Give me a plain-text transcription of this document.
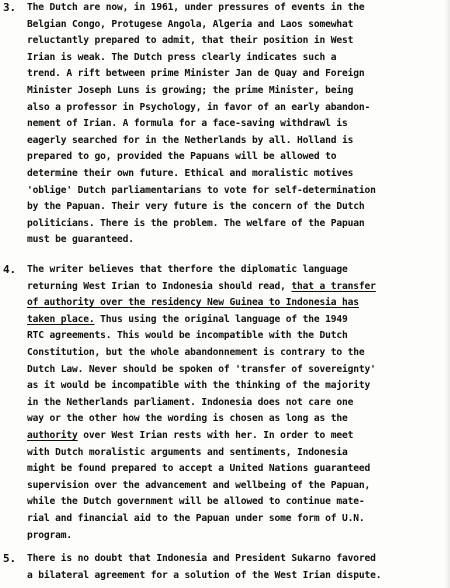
3. The Dutch are now, in 1961, under pressures of events in the
Belgian Congo, Protugese Angola, Algeria and Laos somewhat
reluctantly prepared to admit, that their position in West
Irian is weak. The Dutch press clearly indicates such a
trend. A rift between prime Minister Jan de Quay and Foreign
Minister Joseph Luns is growing; the prime Minister, being
also a professor in Psychology, in favor of an early abandon-
nement of Irian. A formula for a face-saving withdrawl is
eagerly searched for in the Netherlands by all. Holland is
prepared to go, provided the Papuans will be allowed to
determine their own future. Ethical and moralistic motives
'oblige' Dutch parliamentarians to vote for self-determination
by the Papuan. Their very future is the concern of the Dutch
politicians. There is the problem. The welfare of the Papuan
must be guaranteed.
4. The writer believes that therfore the diplomatic language
returning West Irian to Indonesia should read, that a transfer
of authority over the residency New Guinea to Indonesia has
taken place. Thus using the original language of the 1949
RTC agreements. This would be incompatible with the Dutch
Constitution, but the whole abandonnement is contrary to the
Dutch Law. Never should be spoken of 'transfer of sovereignty'
as it would be incompatible with the thinking of the majority
in the Netherlands parliament. Indonesia does not care one
way or the other how the wording is chosen as long as the
authority over West Irian rests with her. In order to meet
with Dutch moralistic arguments and sentiments, Indonesia
might be found prepared to accept a United Nations guaranteed
supervision over the advancement and wellbeing of the Papuan,
while the Dutch government will be allowed to continue mate-
rial and financial aid to the Papuan under some form of U.N.
program.
5. There is no doubt that Indonesia and President Sukarno favored
a bilateral agreement for a solution of the West Irian dispute.
